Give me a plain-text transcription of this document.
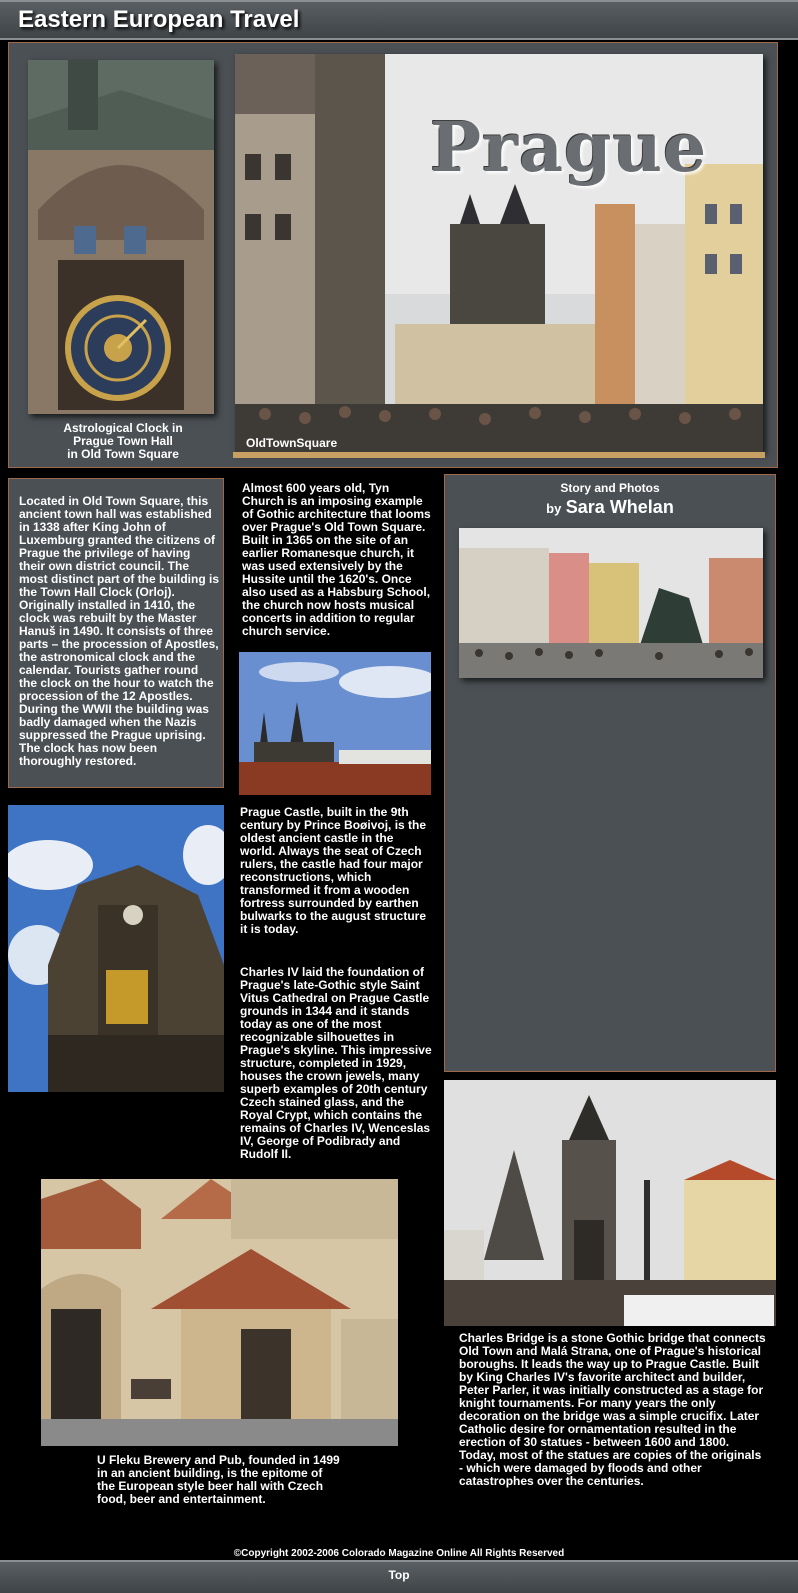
Eastern European Travel
Astrological Clock in
Prague Town Hall
in Old Town Square
Prague
OldTownSquare
Located in Old Town Square, this ancient town hall was established in 1338 after King John of Luxemburg granted the citizens of Prague the privilege of having their own district council. The most distinct part of the building is the Town Hall Clock (Orloj). Originally installed in 1410, the clock was rebuilt by the Master Hanuš in 1490. It consists of three parts – the procession of Apostles, the astronomical clock and the calendar. Tourists gather round the clock on the hour to watch the procession of the 12 Apostles. During the WWII the building was badly damaged when the Nazis suppressed the Prague uprising. The clock has now been thoroughly restored.
Almost 600 years old, Tyn Church is an imposing example of Gothic architecture that looms over Prague's Old Town Square. Built in 1365 on the site of an earlier Romanesque church, it was used extensively by the Hussite until the 1620's. Once also used as a Habsburg School, the church now hosts musical concerts in addition to regular church service.
Prague Castle, built in the 9th century by Prince Boøivoj, is the oldest ancient castle in the world. Always the seat of Czech rulers, the castle had four major reconstructions, which transformed it from a wooden fortress surrounded by earthen bulwarks to the august structure it is today.
Charles IV laid the foundation of Prague's late-Gothic style Saint Vitus Cathedral on Prague Castle grounds in 1344 and it stands today as one of the most recognizable silhouettes in Prague's skyline. This impressive structure, completed in 1929, houses the crown jewels, many superb examples of 20th century Czech stained glass, and the Royal Crypt, which contains the remains of Charles IV, Wenceslas IV, George of Podibrady and Rudolf II.
Story and Photos
by Sara Whelan
Charles Bridge is a stone Gothic bridge that connects Old Town and Malá Strana, one of Prague's historical boroughs. It leads the way up to Prague Castle. Built by King Charles IV's favorite architect and builder, Peter Parler, it was initially constructed as a stage for knight tournaments. For many years the only decoration on the bridge was a simple crucifix. Later Catholic desire for ornamentation resulted in the erection of 30 statues - between 1600 and 1800. Today, most of the statues are copies of the originals - which were damaged by floods and other catastrophes over the centuries.
U Fleku Brewery and Pub, founded in 1499 in an ancient building, is the epitome of the European style beer hall with Czech food, beer and entertainment.
©Copyright 2002-2006 Colorado Magazine Online All Rights Reserved
Top
